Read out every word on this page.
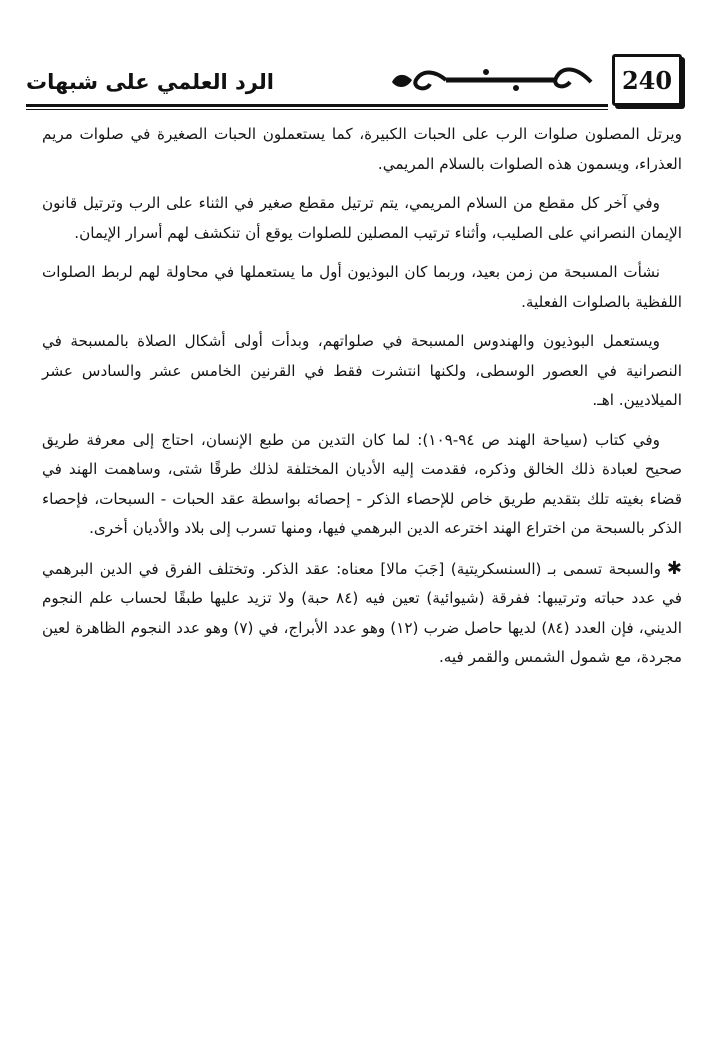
240
الرد العلمي على شبهات

ويرتل المصلون صلوات الرب على الحبات الكبيرة، كما يستعملون الحبات الصغيرة في صلوات مريم العذراء، ويسمون هذه الصلوات بالسلام المريمي.

وفي آخر كل مقطع من السلام المريمي، يتم ترتيل مقطع صغير في الثناء على الرب وترتيل قانون الإيمان النصراني على الصليب، وأثناء ترتيب المصلين للصلوات يوقع أن تنكشف لهم أسرار الإيمان.

نشأت المسبحة من زمن بعيد، وربما كان البوذيون أول ما يستعملها في محاولة لهم لربط الصلوات اللفظية بالصلوات الفعلية.

ويستعمل البوذيون والهندوس المسبحة في صلواتهم، وبدأت أولى أشكال الصلاة بالمسبحة في النصرانية في العصور الوسطى، ولكنها انتشرت فقط في القرنين الخامس عشر والسادس عشر الميلاديين. اهـ.

وفي كتاب (سياحة الهند ص ٩٤-١٠٩): لما كان التدين من طبع الإنسان، احتاج إلى معرفة طريق صحيح لعبادة ذلك الخالق وذكره، فقدمت إليه الأديان المختلفة لذلك طرقًا شتى، وساهمت الهند في قضاء بغيته تلك بتقديم طريق خاص للإحصاء الذكر - إحصائه بواسطة عقد الحبات - السبحات، فإحصاء الذكر بالسبحة من اختراع الهند اخترعه الدين البرهمي فيها، ومنها تسرب إلى بلاد والأديان أخرى.

✱والسبحة تسمى بـ (السنسكريتية) [جَبَ مالا] معناه: عقد الذكر. وتختلف الفرق في الدين البرهمي في عدد حباته وترتيبها: ففرقة (شيوائية) تعين فيه (٨٤ حبة) ولا تزيد عليها طبقًا لحساب علم النجوم الديني، فإن العدد (٨٤) لديها حاصل ضرب (١٢) وهو عدد الأبراج، في (٧) وهو عدد النجوم الظاهرة لعين مجردة، مع شمول الشمس والقمر فيه.
